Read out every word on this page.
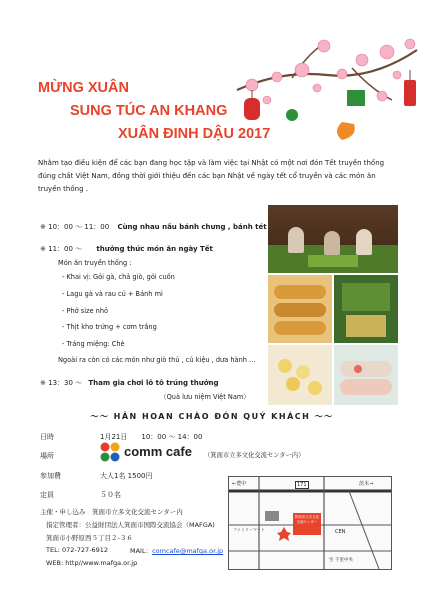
MỪNG XUÂN
SUNG TÚC AN KHANG
XUÂN ĐINH DẬU 2017
Nhằm tạo điều kiện để các bạn đang học tập và làm việc tại Nhật có một nơi đón Tết truyền thống đúng chất Việt Nam, đồng thời giới thiệu đến các bạn Nhật về ngày tết cổ truyền và các món ăn truyền thống .
※ 10：00 ～ 11：00 Cùng nhau nấu bánh chưng , bánh tét
※ 11：00 ～ thưởng thức món ăn ngày Tết
Món ăn truyền thống :
- Khai vị: Gỏi gà, chả giò, gỏi cuốn
- Lagu gà và rau củ + Bánh mì
- Phở size nhỏ
- Thịt kho trứng + cơm trắng
- Tráng miệng: Chè
Ngoài ra còn có các món như giò thủ , củ kiệu , dưa hành …
※ 13：30 ～ Tham gia chơi lô tô trúng thưởng
（Quà lưu niệm Việt Nam）
～～ HÂN HOAN CHÀO ĐÓN QUÝ KHÁCH ～～
日時	1月21日　　10：00 ～ 14：00
場所	comm cafe （箕面市立多文化交流センター内）
参加費	大人1名 1500円
定員	５０名
主催・申し込み　箕面市立多文化交流センター内
指定管理者：公益財団法人箕面市国際交流協会（MAFGA)
箕面市小野原西５丁目２-３６
TEL: 072-727-6912	MAIL：comcafe@mafga.or.jp
WEB: http//www.mafga.or.jp
←豊中	171	茨木→
箕面市立多文化交流センター
ファミリーマート	CEN
至 千里中央
